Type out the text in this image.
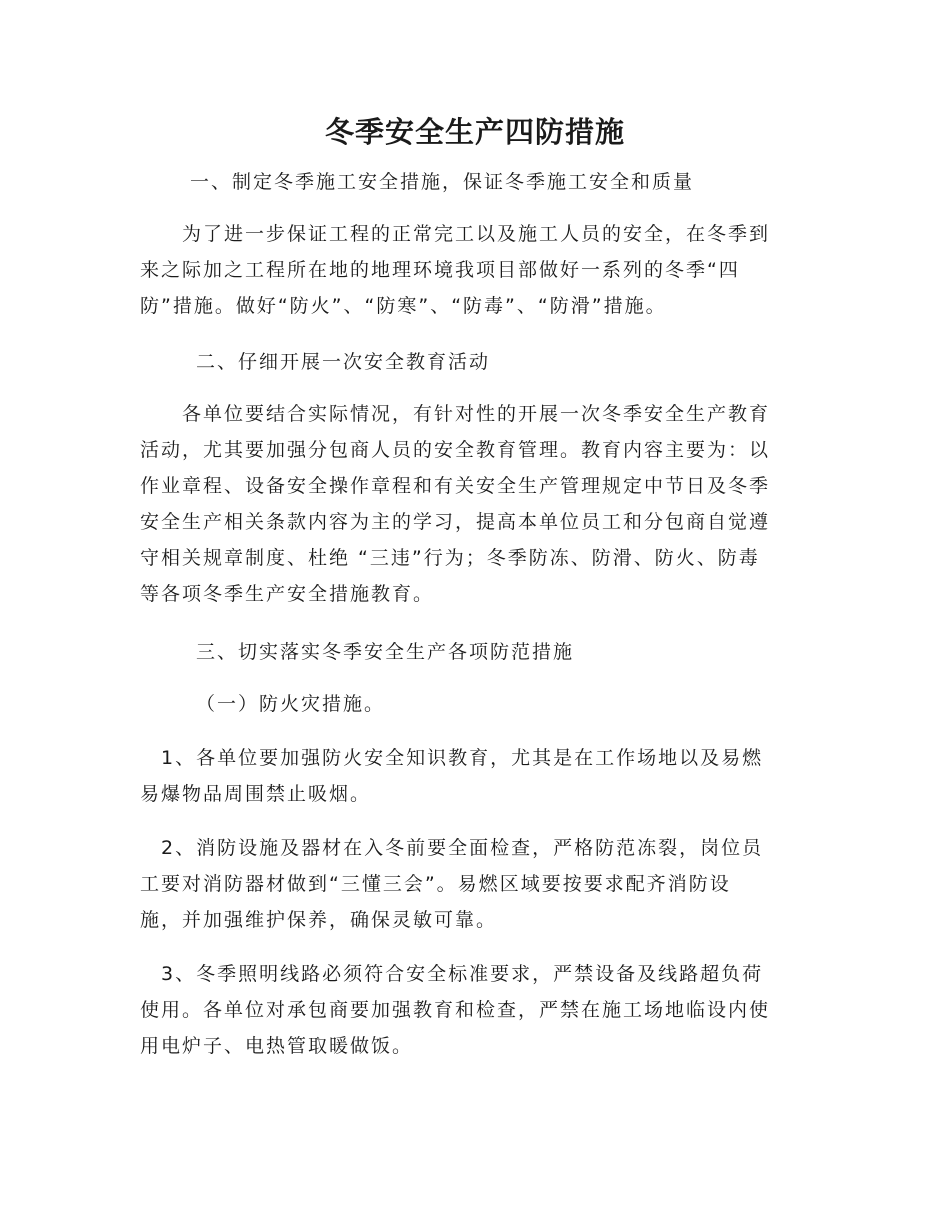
冬季安全生产四防措施

一、制定冬季施工安全措施，保证冬季施工安全和质量

　　为了进一步保证工程的正常完工以及施工人员的安全，在冬季到
来之际加之工程所在地的地理环境我项目部做好一系列的冬季“四
防”措施。做好“防火”、“防寒”、“防毒”、“防滑”措施。

二、仔细开展一次安全教育活动

　　各单位要结合实际情况，有针对性的开展一次冬季安全生产教育
活动，尤其要加强分包商人员的安全教育管理。教育内容主要为：以
作业章程、设备安全操作章程和有关安全生产管理规定中节日及冬季
安全生产相关条款内容为主的学习，提高本单位员工和分包商自觉遵
守相关规章制度、杜绝 “三违”行为；冬季防冻、防滑、防火、防毒
等各项冬季生产安全措施教育。

三、切实落实冬季安全生产各项防范措施

（一）防火灾措施。

　1、各单位要加强防火安全知识教育，尤其是在工作场地以及易燃
易爆物品周围禁止吸烟。

　2、消防设施及器材在入冬前要全面检查，严格防范冻裂，岗位员
工要对消防器材做到“三懂三会”。易燃区域要按要求配齐消防设
施，并加强维护保养，确保灵敏可靠。

　3、冬季照明线路必须符合安全标准要求，严禁设备及线路超负荷
使用。各单位对承包商要加强教育和检查，严禁在施工场地临设内使
用电炉子、电热管取暖做饭。
